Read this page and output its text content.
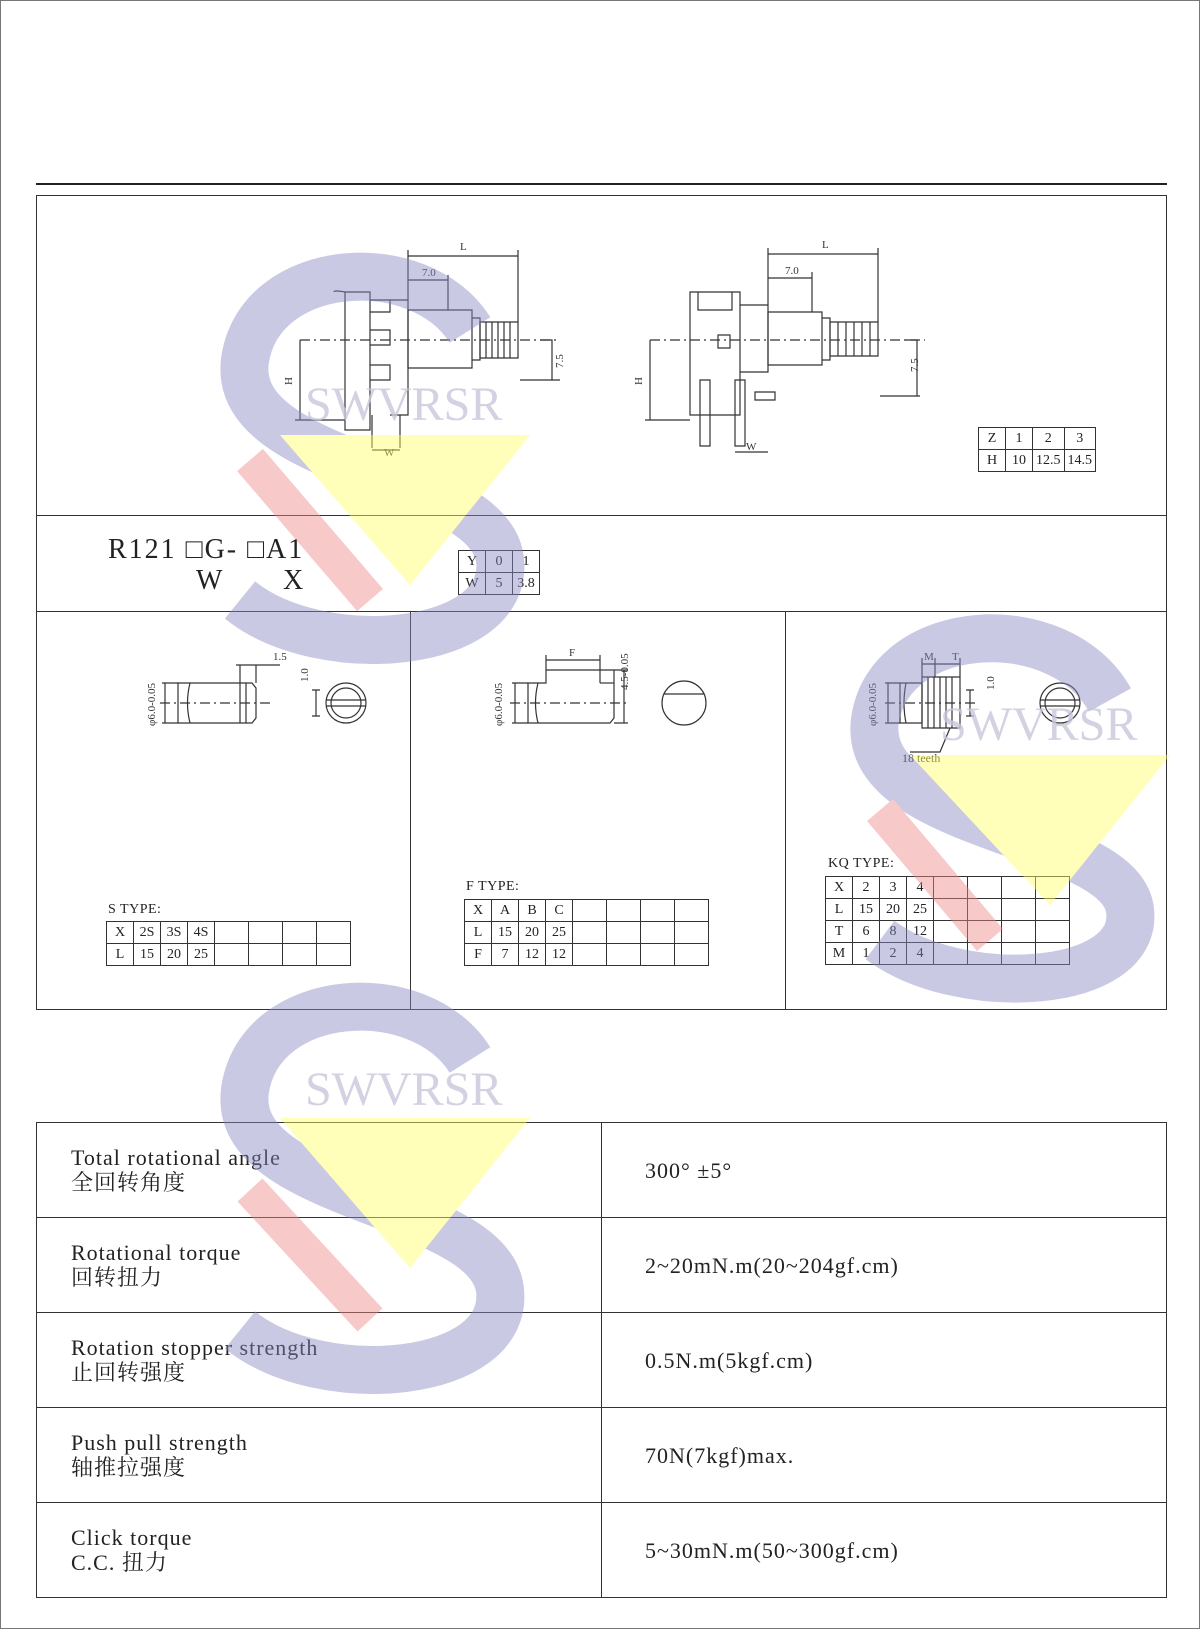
L
7.0
H
7.5
W
L
7.0
H
7.5
W
1.5
1.0
φ6.0-0.05
F
4.5-0.05
φ6.0-0.05
M T
1.0
φ6.0-0.05
18 teeth
Z	1	2	3
H	10	12.5	14.5
R121 □G- □A1
W X
Y	0	1
W	5	3.8
S TYPE:
X	2S	3S	4S				
L	15	20	25				
F TYPE:
X	A	B	C				
L	15	20	25				
F	7	12	12				
KQ TYPE:
X	2	3	4				
L	15	20	25				
T	6	8	12				
M	1	2	4				
Total rotational angle
全回转角度	300° ±5°

Rotational torque
回转扭力	2~20mN.m(20~204gf.cm)

Rotation stopper strength
止回转强度	0.5N.m(5kgf.cm)

Push pull strength
轴推拉强度	70N(7kgf)max.

Click torque
C.C. 扭力	5~30mN.m(50~300gf.cm)
SWVRSR
SWVRSR
SWVRSR
